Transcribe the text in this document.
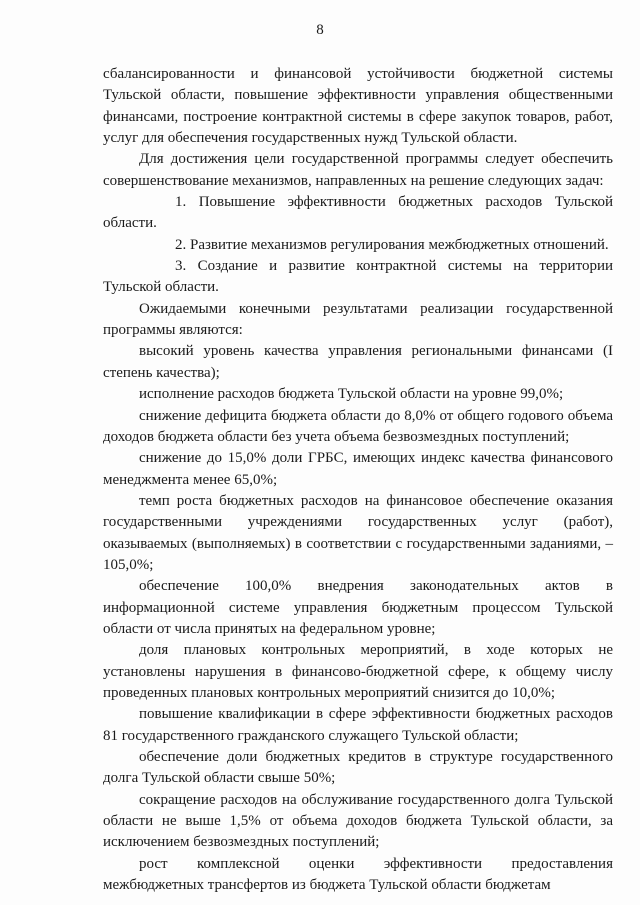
8

сбалансированности и финансовой устойчивости бюджетной системы Тульской области, повышение эффективности управления общественными финансами, построение контрактной системы в сфере закупок товаров, работ, услуг для обеспечения государственных нужд Тульской области.

Для достижения цели государственной программы следует обеспечить совершенствование механизмов, направленных на решение следующих задач:

1. Повышение эффективности бюджетных расходов Тульской области.

2. Развитие механизмов регулирования межбюджетных отношений.

3. Создание и развитие контрактной системы на территории Тульской области.

Ожидаемыми конечными результатами реализации государственной программы являются:

высокий уровень качества управления региональными финансами (I степень качества);

исполнение расходов бюджета Тульской области на уровне 99,0%;

снижение дефицита бюджета области до 8,0% от общего годового объема доходов бюджета области без учета объема безвозмездных поступлений;

снижение до 15,0% доли ГРБС, имеющих индекс качества финансового менеджмента менее 65,0%;

темп роста бюджетных расходов на финансовое обеспечение оказания государственными учреждениями государственных услуг (работ), оказываемых (выполняемых) в соответствии с государственными заданиями, – 105,0%;

обеспечение 100,0% внедрения законодательных актов в информационной системе управления бюджетным процессом Тульской области от числа принятых на федеральном уровне;

доля плановых контрольных мероприятий, в ходе которых не установлены нарушения в финансово-бюджетной сфере, к общему числу проведенных плановых контрольных мероприятий снизится до 10,0%;

повышение квалификации в сфере эффективности бюджетных расходов 81 государственного гражданского служащего Тульской области;

обеспечение доли бюджетных кредитов в структуре государственного долга Тульской области свыше 50%;

сокращение расходов на обслуживание государственного долга Тульской области не выше 1,5% от объема доходов бюджета Тульской области, за исключением безвозмездных поступлений;

рост комплексной оценки эффективности предоставления межбюджетных трансфертов из бюджета Тульской области бюджетам
